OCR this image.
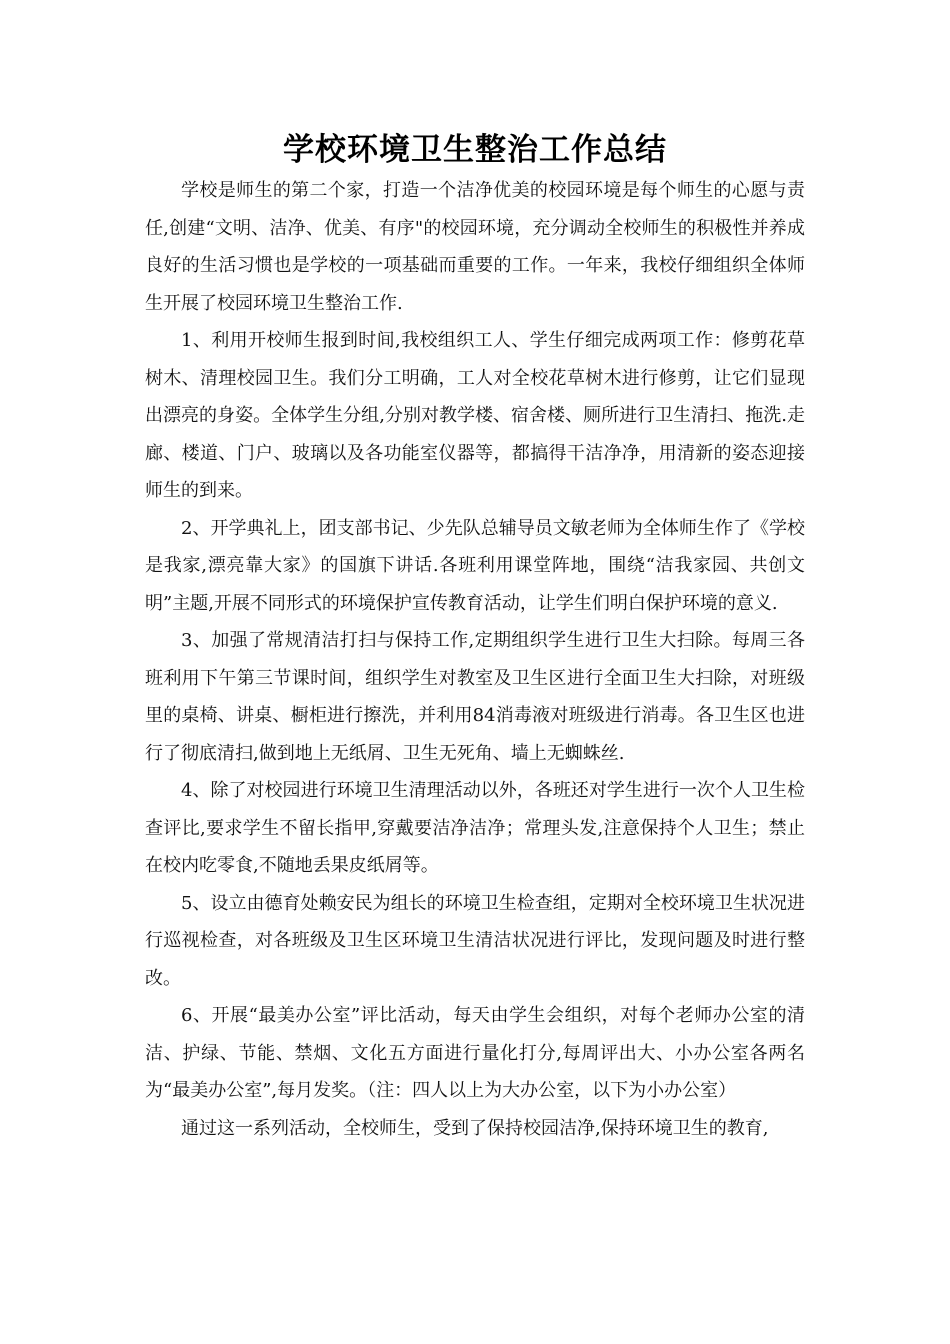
学校环境卫生整治工作总结

学校是师生的第二个家，打造一个洁净优美的校园环境是每个师生的心愿与责任,创建“文明、洁净、优美、有序"的校园环境，充分调动全校师生的积极性并养成良好的生活习惯也是学校的一项基础而重要的工作。一年来，我校仔细组织全体师生开展了校园环境卫生整治工作.

1、利用开校师生报到时间,我校组织工人、学生仔细完成两项工作：修剪花草树木、清理校园卫生。我们分工明确，工人对全校花草树木进行修剪，让它们显现出漂亮的身姿。全体学生分组,分别对教学楼、宿舍楼、厕所进行卫生清扫、拖洗.走廊、楼道、门户、玻璃以及各功能室仪器等，都搞得干洁净净，用清新的姿态迎接师生的到来。

2、开学典礼上，团支部书记、少先队总辅导员文敏老师为全体师生作了《学校是我家,漂亮靠大家》的国旗下讲话.各班利用课堂阵地，围绕“洁我家园、共创文明”主题,开展不同形式的环境保护宣传教育活动，让学生们明白保护环境的意义.

3、加强了常规清洁打扫与保持工作,定期组织学生进行卫生大扫除。每周三各班利用下午第三节课时间，组织学生对教室及卫生区进行全面卫生大扫除，对班级里的桌椅、讲桌、橱柜进行擦洗，并利用84消毒液对班级进行消毒。各卫生区也进行了彻底清扫,做到地上无纸屑、卫生无死角、墙上无蜘蛛丝.

4、除了对校园进行环境卫生清理活动以外，各班还对学生进行一次个人卫生检查评比,要求学生不留长指甲,穿戴要洁净洁净；常理头发,注意保持个人卫生；禁止在校内吃零食,不随地丢果皮纸屑等。

5、设立由德育处赖安民为组长的环境卫生检查组，定期对全校环境卫生状况进行巡视检查，对各班级及卫生区环境卫生清洁状况进行评比，发现问题及时进行整改。

6、开展“最美办公室”评比活动，每天由学生会组织，对每个老师办公室的清洁、护绿、节能、禁烟、文化五方面进行量化打分,每周评出大、小办公室各两名为“最美办公室”,每月发奖。（注：四人以上为大办公室，以下为小办公室）

通过这一系列活动，全校师生，受到了保持校园洁净,保持环境卫生的教育,
